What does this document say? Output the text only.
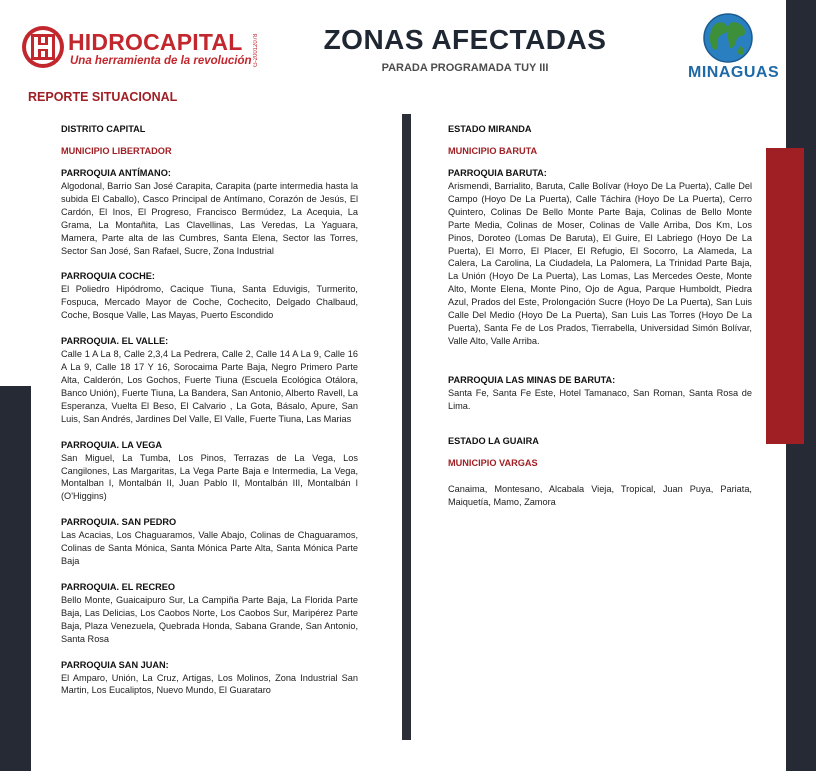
HIDROCAPITAL
Una herramienta de la revolución G-20012078	ZONAS AFECTADAS
PARADA PROGRAMADA TUY III	MINAGUAS
REPORTE SITUACIONAL
DISTRITO CAPITAL
MUNICIPIO LIBERTADOR
PARROQUIA ANTÍMANO:
Algodonal, Barrio San José Carapita, Carapita (parte intermedia hasta la subida El Caballo), Casco Principal de Antímano, Corazón de Jesús, El Cardón, El Inos, El Progreso, Francisco Bermúdez, La Acequia, La Grama, La Montañita, Las Clavellinas, Las Veredas, La Yaguara, Mamera, Parte alta de las Cumbres, Santa Elena, Sector las Torres, Sector San José, San Rafael, Sucre, Zona Industrial
PARROQUIA COCHE:
El Poliedro Hipódromo, Cacique Tiuna, Santa Eduvigis, Turmerito, Fospuca, Mercado Mayor de Coche, Cochecito, Delgado Chalbaud, Coche, Bosque Valle, Las Mayas, Puerto Escondido
PARROQUIA. EL VALLE:
Calle 1 A La 8, Calle 2,3,4 La Pedrera, Calle 2, Calle 14 A La 9, Calle 16 A La 9, Calle 18 17 Y 16, Sorocaima Parte Baja, Negro Primero Parte Alta, Calderón, Los Gochos, Fuerte Tiuna (Escuela Ecológica Otálora, Banco Unión), Fuerte Tiuna, La Bandera, San Antonio, Alberto Ravell, La Esperanza, Vuelta El Beso, El Calvario , La Gota, Básalo, Apure, San Luis, San Andrés, Jardines Del Valle, El Valle, Fuerte Tiuna, Las Marias
PARROQUIA. LA VEGA
San Miguel, La Tumba, Los Pinos, Terrazas de La Vega, Los Cangilones, Las Margaritas, La Vega Parte Baja e Intermedia, La Vega, Montalban I, Montalbán II, Juan Pablo II, Montalbán III, Montalbán I (O'Higgins)
PARROQUIA. SAN PEDRO
Las Acacias, Los Chaguaramos, Valle Abajo, Colinas de Chaguaramos, Colinas de Santa Mónica, Santa Mónica Parte Alta, Santa Mónica Parte Baja
PARROQUIA. EL RECREO
Bello Monte, Guaicaipuro Sur, La Campiña Parte Baja, La Florida Parte Baja, Las Delicias, Los Caobos Norte, Los Caobos Sur, Maripérez Parte Baja, Plaza Venezuela, Quebrada Honda, Sabana Grande, San Antonio, Santa Rosa
PARROQUIA SAN JUAN:
El Amparo, Unión, La Cruz, Artigas, Los Molinos, Zona Industrial San Martin, Los Eucaliptos, Nuevo Mundo, El Guarataro
ESTADO MIRANDA
MUNICIPIO BARUTA
PARROQUIA BARUTA:
Arismendi, Barrialito, Baruta, Calle Bolívar (Hoyo De La Puerta), Calle Del Campo (Hoyo De La Puerta), Calle Táchira (Hoyo De La Puerta), Cerro Quintero, Colinas De Bello Monte Parte Baja, Colinas de Bello Monte Parte Media, Colinas de Moser, Colinas de Valle Arriba, Dos Km, Los Pinos, Doroteo (Lomas De Baruta), El Guire, El Labriego (Hoyo De La Puerta), El Morro, El Placer, El Refugio, El Socorro, La Alameda, La Calera, La Carolina, La Ciudadela, La Palomera, La Trinidad Parte Baja, La Unión (Hoyo De La Puerta), Las Lomas, Las Mercedes Oeste, Monte Alto, Monte Elena, Monte Pino, Ojo de Agua, Parque Humboldt, Piedra Azul, Prados del Este, Prolongación Sucre (Hoyo De La Puerta), San Luis Calle Del Medio (Hoyo De La Puerta), San Luis Las Torres (Hoyo De La Puerta), Santa Fe de Los Prados, Tierrabella, Universidad Simón Bolívar, Valle Alto, Valle Arriba.
PARROQUIA LAS MINAS DE BARUTA:
Santa Fe, Santa Fe Este, Hotel Tamanaco, San Roman, Santa Rosa de Lima.
ESTADO LA GUAIRA
MUNICIPIO VARGAS
Canaima, Montesano, Alcabala Vieja, Tropical, Juan Puya, Pariata, Maiquetía, Mamo, Zamora
